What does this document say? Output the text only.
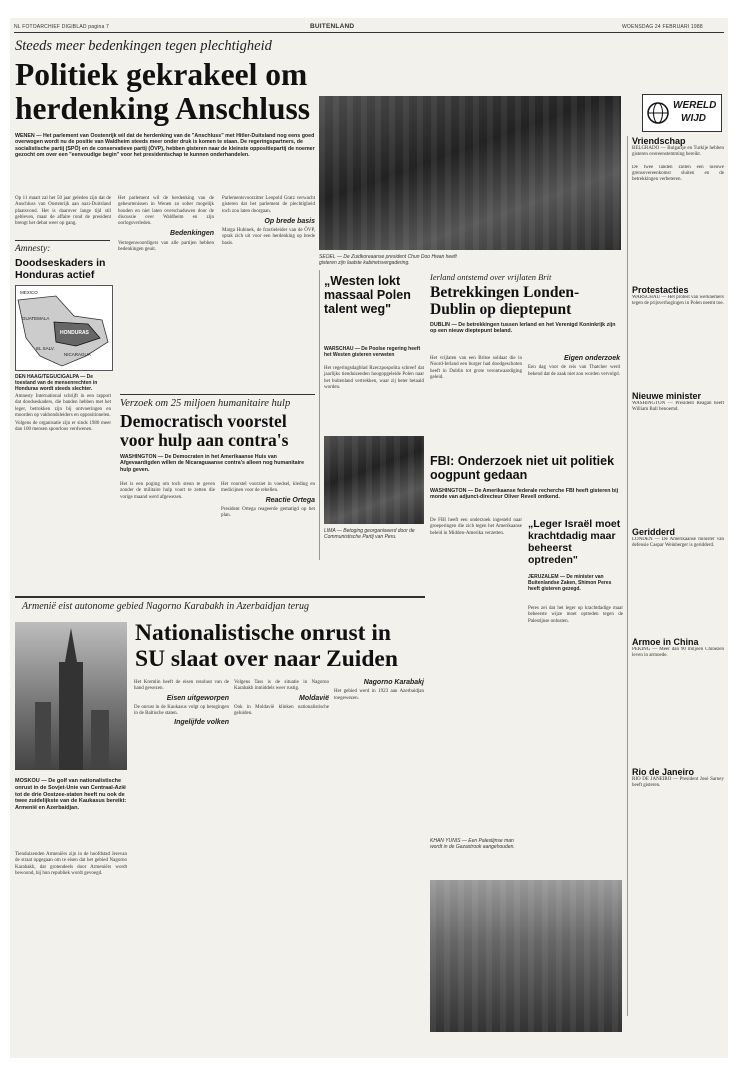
NL FOTOARCHIEF DIGIBLAD pagina 7	BUITENLAND	WOENSDAG 24 FEBRUARI 1988
Steeds meer bedenkingen tegen plechtigheid
Politiek gekrakeel om herdenking Anschluss
WENEN — Het parlement van Oostenrijk wil dat de herdenking van de "Anschluss" met Hitler-Duitsland nog eens goed overwogen wordt nu de positie van Waldheim steeds meer onder druk is komen te staan. De regeringspartners, de socialistische partij (SPÖ) en de conservatieve partij (ÖVP), hebben gisteren naar de kleinste oppositiepartij de noemer gezocht om over een "eenvoudige begin" voor het presidentschap te kunnen onderhandelen.

Op 11 maart zal het 50 jaar geleden zijn dat de Anschluss van Oostenrijk aan nazi-Duitsland plaatsvond. Het is daarover lange tijd stil gebleven, maar de affaire rond de president brengt het debat weer op gang.

Het parlement wil de herdenking van de gebeurtenissen in Wenen zo sober mogelijk houden en niet laten overschaduwen door de discussie over Waldheim en zijn oorlogsverleden.

Bedenkingen

Vertegenwoordigers van alle partijen hebben bedenkingen geuit.

Parlementsvoorzitter Leopold Gratz verwacht gisteren dat het parlement de plechtigheid toch zou laten doorgaan.

Op brede basis

Marga Hubinek, de fractieleider van de ÖVP, sprak zich uit voor een herdenking op brede basis.

SEOEL — De Zuidkoreaanse president Chun Doo Hwan heeft gisteren zijn laatste kabinetsvergadering.
WERELD
WIJD
Amnesty:
Doodseskaders in Honduras actief
MEXICO
GUATEMALA
HONDURAS
NICARAGUA
EL SALV.
DEN HAAG/TEGUCIGALPA — De toestand van de mensenrechten in Honduras wordt steeds slechter.

Amnesty International schrijft in een rapport dat doodseskaders, die banden hebben met het leger, betrokken zijn bij ontvoeringen en moorden op vakbondsleiders en oppositionelen.

Volgens de organisatie zijn er sinds 1980 meer dan 100 mensen spoorloos verdwenen.

Verzoek om 25 miljoen humanitaire hulp
Democratisch voorstel voor hulp aan contra's
WASHINGTON — De Democraten in het Amerikaanse Huis van Afgevaardigden willen de Nicaraguaanse contra's alleen nog humanitaire hulp geven.

Het is een poging om toch steun te geven zonder de militaire hulp voort te zetten die vorige maand werd afgewezen.

Het voorstel voorziet in voedsel, kleding en medicijnen voor de rebellen.

Reactie Ortega

President Ortega reageerde gematigd op het plan.

„Westen lokt massaal Polen talent weg"
WARSCHAU — De Poolse regering heeft het Westen gisteren verweten

Het regeringsdagblad Rzeczpospolita schreef dat jaarlijks tienduizenden hoogopgeleide Polen naar het buitenland vertrekken, waar zij beter betaald worden.

Ierland ontstemd over vrijlaten Brit
Betrekkingen Londen-Dublin op dieptepunt
DUBLIN — De betrekkingen tussen Ierland en het Verenigd Koninkrijk zijn op een nieuw dieptepunt beland.

Het vrijlaten van een Britse soldaat die in Noord-Ierland een burger had doodgeschoten heeft in Dublin tot grote verontwaardiging geleid.

Eigen onderzoek

Een dag voor de reis van Thatcher werd bekend dat de zaak niet zou worden vervolgd.

Vriendschap
BELGRADO — Bulgarije en Turkije hebben gisteren overeenstemming bereikt.

De twee landen zullen een nieuwe grensovereenkomst sluiten en de betrekkingen verbeteren.

Protestacties
WARSCHAU — Het protest van werknemers tegen de prijsverhogingen in Polen neemt toe.
Nieuwe minister
WASHINGTON — President Reagan heeft William Ball benoemd.
Geridderd
LONDEN — De Amerikaanse minister van defensie Caspar Weinberger is geridderd.
Armoe in China
PEKING — Meer dan 90 miljoen Chinezen leven in armoede.
Rio de Janeiro
RIO DE JANEIRO — President José Sarney heeft gisteren.
Armenië eist autonome gebied Nagorno Karabakh in Azerbaidjan terug
Nationalistische onrust in SU slaat over naar Zuiden
MOSKOU — De golf van nationalistische onrust in de Sovjet-Unie van Centraal-Azië tot de drie Oostzee-staten heeft nu ook de twee zuidelijkste van de Kaukasus bereikt: Armenië en Azerbaidjan.

Tienduizenden Armeniërs zijn in de hoofdstad Jerevan de straat opgegaan om te eisen dat het gebied Nagorno Karabakh, dat grotendeels door Armeniërs wordt bewoond, bij hun republiek wordt gevoegd.

Het Kremlin heeft de eisen resoluut van de hand gewezen.

Eisen uitgeworpen

De onrust in de Kaukasus volgt op betogingen in de Baltische staten.

Ingelijfde volken

Volgens Tass is de situatie in Nagorno Karabakh inmiddels weer rustig.

Moldavië

Ook in Moldavië klinken nationalistische geluiden.

Nagorno Karabakj

Het gebied werd in 1923 aan Azerbaidjan toegewezen.

LIMA — Betoging georganiseerd door de Communistische Partij van Peru.
FBI: Onderzoek niet uit politiek oogpunt gedaan
WASHINGTON — De Amerikaanse federale recherche FBI heeft gisteren bij monde van adjunct-directeur Oliver Revell ontkend.

De FBI heeft een onderzoek ingesteld naar groeperingen die zich tegen het Amerikaanse beleid in Midden-Amerika verzetten.

„Leger Israël moet krachtdadig maar beheerst optreden"
JERUZALEM — De minister van Buitenlandse Zaken, Shimon Peres heeft gisteren gezegd.

Peres zei dat het leger op krachtdadige maar beheerste wijze moet optreden tegen de Palestijnse onlusten.

KHAN YUNIS — Een Palestijnse man wordt in de Gazastrook aangehouden.
